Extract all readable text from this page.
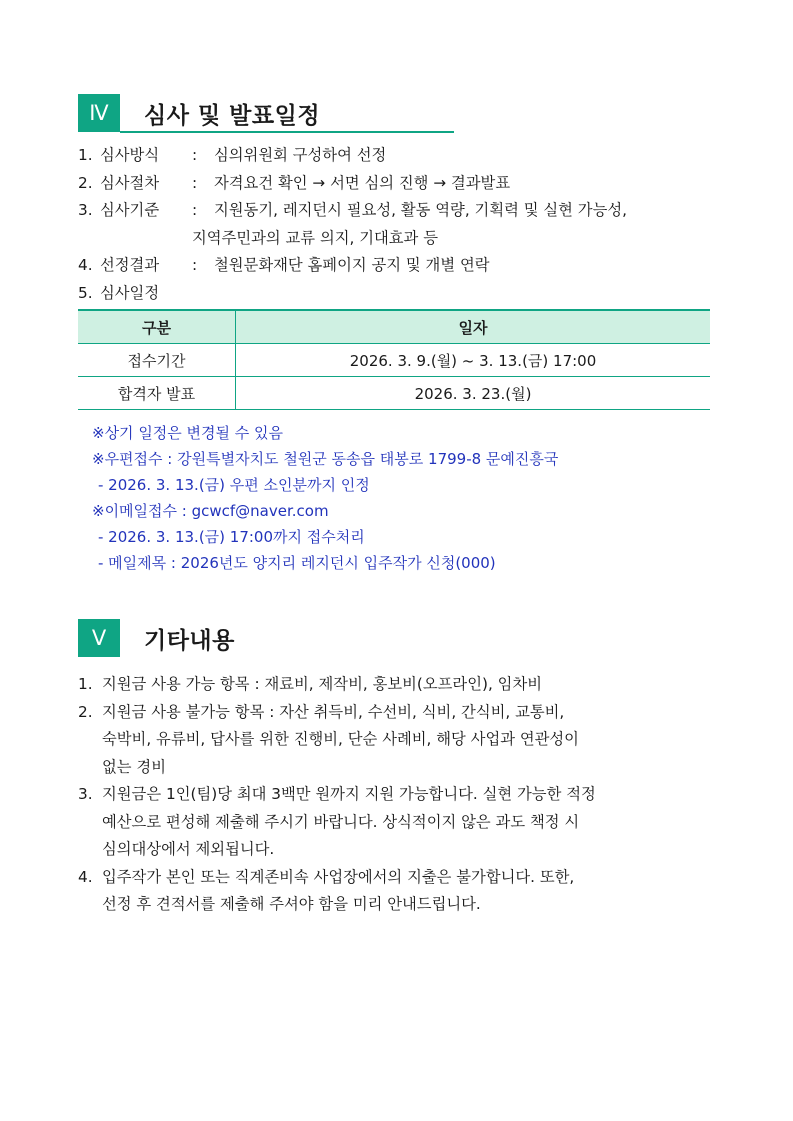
Ⅳ	심사 및 발표일정
1. 심사방식	:	심의위원회 구성하여 선정
2. 심사절차	:	자격요건 확인 → 서면 심의 진행 → 결과발표
3. 심사기준	:	지원동기, 레지던시 필요성, 활동 역량, 기획력 및 실현 가능성,
지역주민과의 교류 의지, 기대효과 등
4. 선정결과	:	철원문화재단 홈페이지 공지 및 개별 연락
5. 심사일정
구분	일자
접수기간	2026. 3. 9.(월) ~ 3. 13.(금) 17:00
합격자 발표	2026. 3. 23.(월)
※상기 일정은 변경될 수 있음
※우편접수 : 강원특별자치도 철원군 동송읍 태봉로 1799-8 문예진흥국
- 2026. 3. 13.(금) 우편 소인분까지 인정
※이메일접수 : gcwcf@naver.com
- 2026. 3. 13.(금) 17:00까지 접수처리
- 메일제목 : 2026년도 양지리 레지던시 입주작가 신청(000)
Ⅴ	기타내용
1. 지원금 사용 가능 항목 : 재료비, 제작비, 홍보비(오프라인), 임차비
2. 지원금 사용 불가능 항목 : 자산 취득비, 수선비, 식비, 간식비, 교통비,
숙박비, 유류비, 답사를 위한 진행비, 단순 사례비, 해당 사업과 연관성이
없는 경비
3. 지원금은 1인(팀)당 최대 3백만 원까지 지원 가능합니다. 실현 가능한 적정
예산으로 편성해 제출해 주시기 바랍니다. 상식적이지 않은 과도 책정 시
심의대상에서 제외됩니다.
4. 입주작가 본인 또는 직계존비속 사업장에서의 지출은 불가합니다. 또한,
선정 후 견적서를 제출해 주셔야 함을 미리 안내드립니다.
